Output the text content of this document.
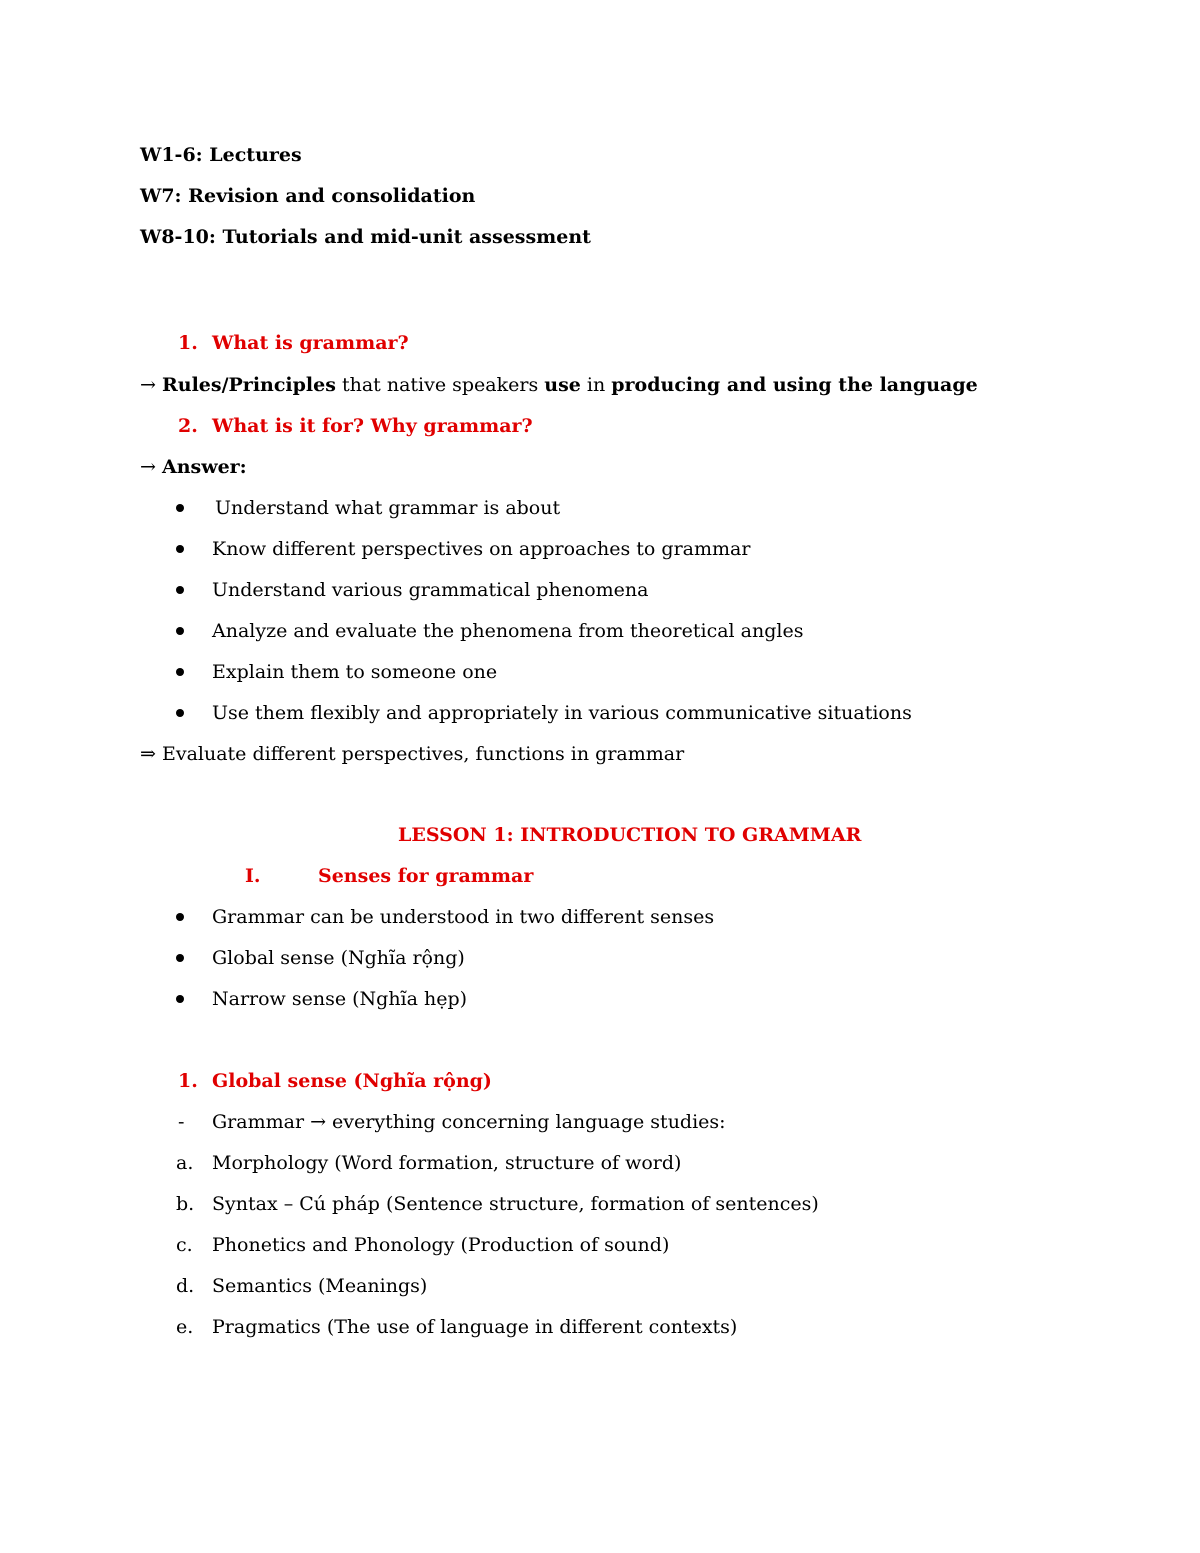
W1-6: Lectures
W7: Revision and consolidation
W8-10: Tutorials and mid-unit assessment
1. What is grammar?
→ Rules/Principles that native speakers use in producing and using the language
2. What is it for? Why grammar?
→ Answer:
Understand what grammar is about
Know different perspectives on approaches to grammar
Understand various grammatical phenomena
Analyze and evaluate the phenomena from theoretical angles
Explain them to someone one
Use them flexibly and appropriately in various communicative situations
⇒ Evaluate different perspectives, functions in grammar
LESSON 1: INTRODUCTION TO GRAMMAR
I.	Senses for grammar
Grammar can be understood in two different senses
Global sense (Nghĩa rộng)
Narrow sense (Nghĩa hẹp)
1. Global sense (Nghĩa rộng)
- Grammar → everything concerning language studies:
a. Morphology (Word formation, structure of word)
b. Syntax – Cú pháp (Sentence structure, formation of sentences)
c. Phonetics and Phonology (Production of sound)
d. Semantics (Meanings)
e. Pragmatics (The use of language in different contexts)
